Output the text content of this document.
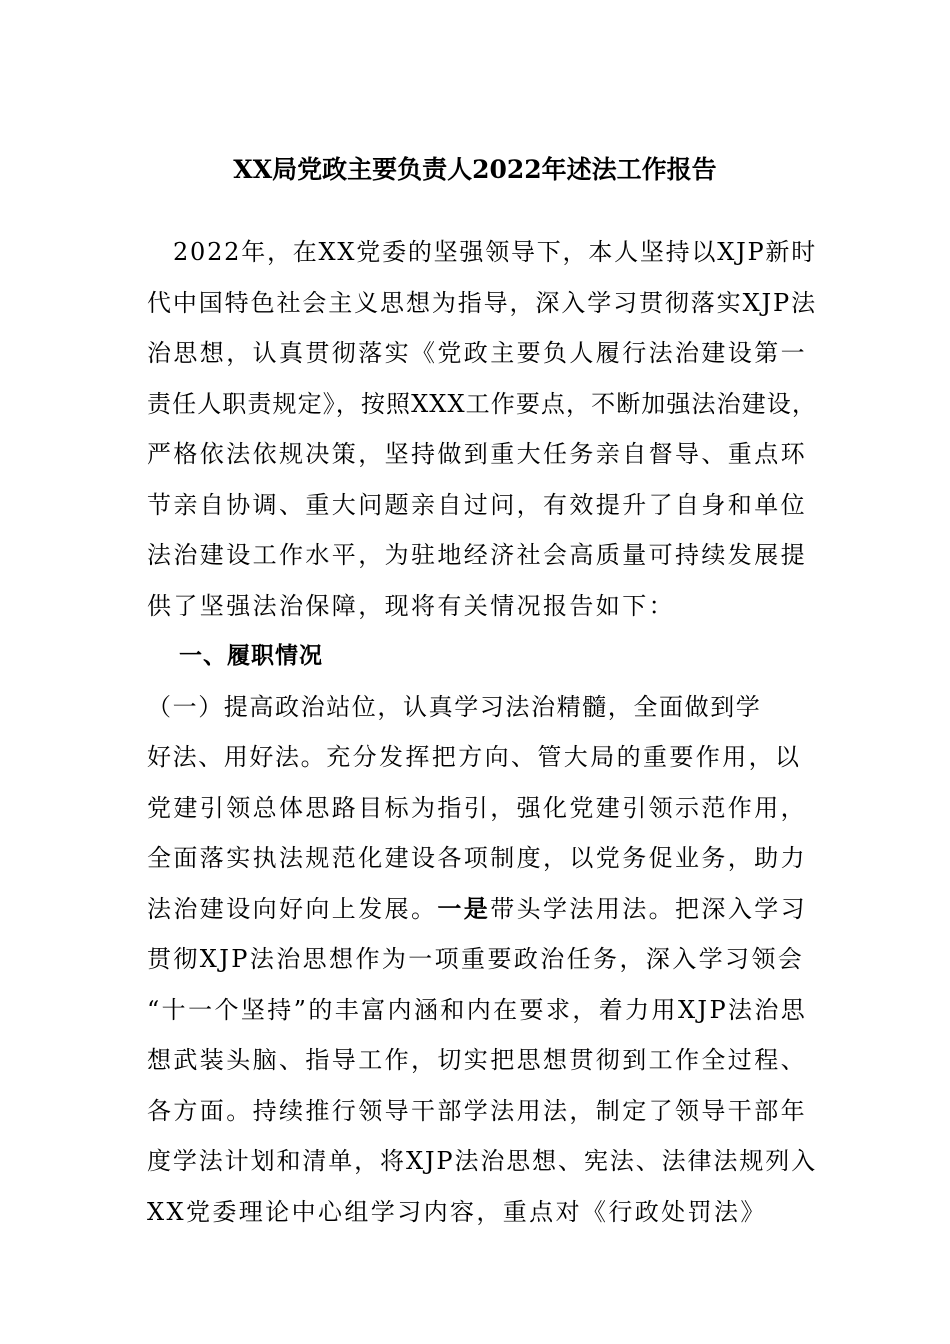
XX局党政主要负责人2022年述法工作报告
2022年，在XX党委的坚强领导下，本人坚持以XJP新时
代中国特色社会主义思想为指导，深入学习贯彻落实XJP法
治思想，认真贯彻落实《党政主要负人履行法治建设第一
责任人职责规定》，按照XXX工作要点，不断加强法治建设，
严格依法依规决策，坚持做到重大任务亲自督导、重点环
节亲自协调、重大问题亲自过问，有效提升了自身和单位
法治建设工作水平，为驻地经济社会高质量可持续发展提
供了坚强法治保障，现将有关情况报告如下：
一、履职情况
（一）提高政治站位，认真学习法治精髓，全面做到学
好法、用好法。充分发挥把方向、管大局的重要作用，以
党建引领总体思路目标为指引，强化党建引领示范作用，
全面落实执法规范化建设各项制度，以党务促业务，助力
法治建设向好向上发展。一是带头学法用法。把深入学习
贯彻XJP法治思想作为一项重要政治任务，深入学习领会
“十一个坚持”的丰富内涵和内在要求，着力用XJP法治思
想武装头脑、指导工作，切实把思想贯彻到工作全过程、
各方面。持续推行领导干部学法用法，制定了领导干部年
度学法计划和清单，将XJP法治思想、宪法、法律法规列入
XX党委理论中心组学习内容，重点对《行政处罚法》
